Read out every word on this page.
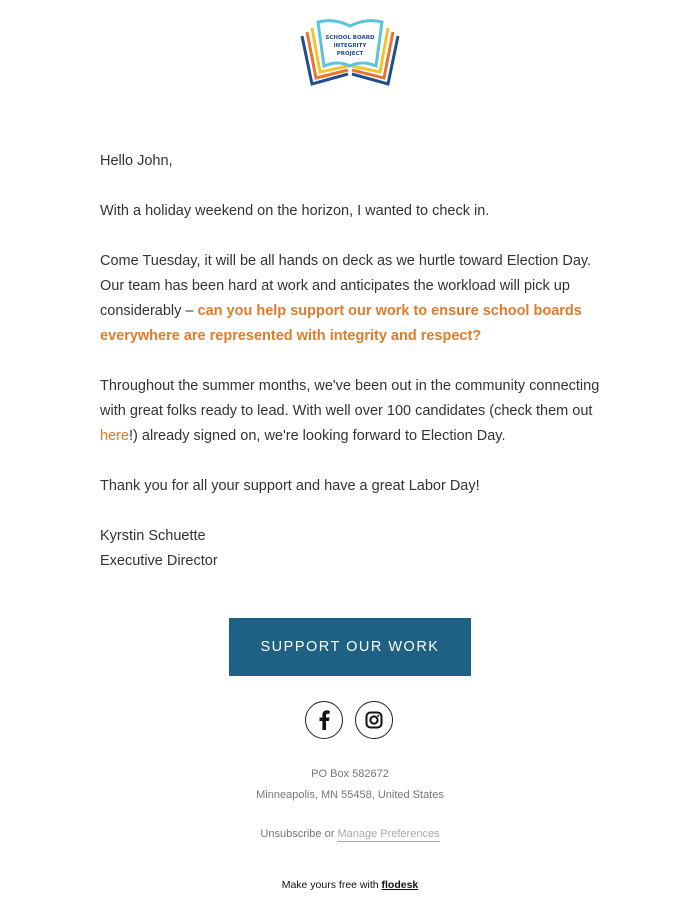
SCHOOL BOARD
INTEGRITY
PROJECT

Hello John,

With a holiday weekend on the horizon, I wanted to check in.

Come Tuesday, it will be all hands on deck as we hurtle toward Election Day. Our team has been hard at work and anticipates the workload will pick up considerably – can you help support our work to ensure school boards everywhere are represented with integrity and respect?

Throughout the summer months, we've been out in the community connecting with great folks ready to lead. With well over 100 candidates (check them out here!) already signed on, we're looking forward to Election Day.

Thank you for all your support and have a great Labor Day!

Kyrstin Schuette
Executive Director
SUPPORT OUR WORK
PO Box 582672
Minneapolis, MN 55458, United States
Unsubscribe or Manage Preferences
Make yours free with flodesk
